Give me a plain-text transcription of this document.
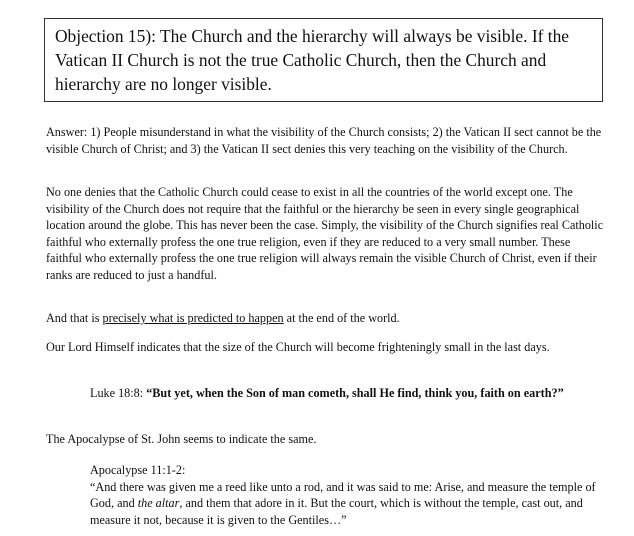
Objection 15): The Church and the hierarchy will always be visible. If the Vatican II Church is not the true Catholic Church, then the Church and hierarchy are no longer visible.

Answer: 1) People misunderstand in what the visibility of the Church consists; 2) the Vatican II sect cannot be the visible Church of Christ; and 3) the Vatican II sect denies this very teaching on the visibility of the Church.

No one denies that the Catholic Church could cease to exist in all the countries of the world except one. The visibility of the Church does not require that the faithful or the hierarchy be seen in every single geographical location around the globe. This has never been the case. Simply, the visibility of the Church signifies real Catholic faithful who externally profess the one true religion, even if they are reduced to a very small number. These faithful who externally profess the one true religion will always remain the visible Church of Christ, even if their ranks are reduced to just a handful.

And that is precisely what is predicted to happen at the end of the world.

Our Lord Himself indicates that the size of the Church will become frighteningly small in the last days.

Luke 18:8: “But yet, when the Son of man cometh, shall He find, think you, faith on earth?”

The Apocalypse of St. John seems to indicate the same.

Apocalypse 11:1-2:
“And there was given me a reed like unto a rod, and it was said to me: Arise, and measure the temple of God, and the altar, and them that adore in it. But the court, which is without the temple, cast out, and measure it not, because it is given to the Gentiles…”
